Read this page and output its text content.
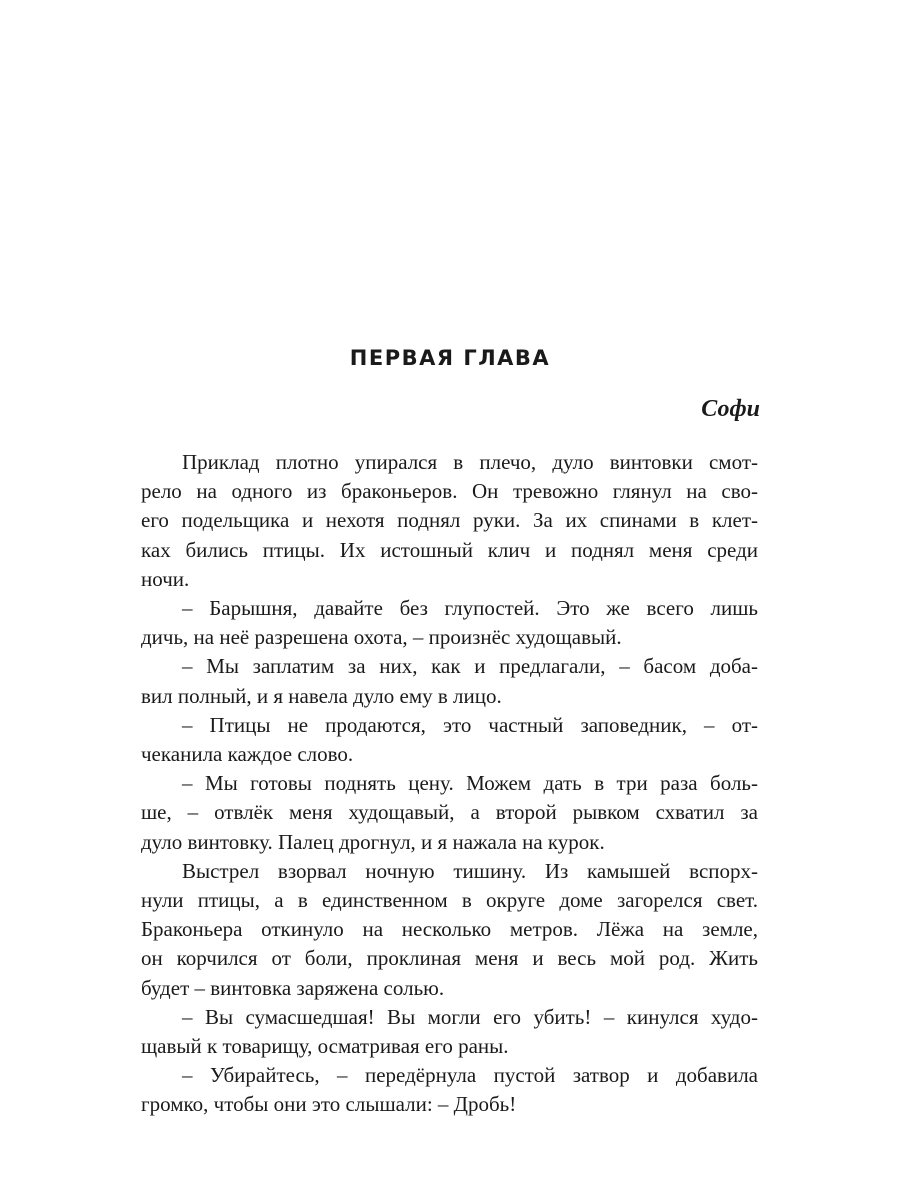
ПЕРВАЯ ГЛАВА
Софи

Приклад плотно упирался в плечо, дуло винтовки смот-
рело на одного из браконьеров. Он тревожно глянул на сво-
его подельщика и нехотя поднял руки. За их спинами в клет-
ках бились птицы. Их истошный клич и поднял меня среди
ночи.

– Барышня, давайте без глупостей. Это же всего лишь
дичь, на неё разрешена охота, – произнёс худощавый.

– Мы заплатим за них, как и предлагали, – басом доба-
вил полный, и я навела дуло ему в лицо.

– Птицы не продаются, это частный заповедник, – от-
чеканила каждое слово.

– Мы готовы поднять цену. Можем дать в три раза боль-
ше, – отвлёк меня худощавый, а второй рывком схватил за
дуло винтовку. Палец дрогнул, и я нажала на курок.

Выстрел взорвал ночную тишину. Из камышей вспорх-
нули птицы, а в единственном в округе доме загорелся свет.
Браконьера откинуло на несколько метров. Лёжа на земле,
он корчился от боли, проклиная меня и весь мой род. Жить
будет – винтовка заряжена солью.

– Вы сумасшедшая! Вы могли его убить! – кинулся худо-
щавый к товарищу, осматривая его раны.

– Убирайтесь, – передёрнула пустой затвор и добавила
громко, чтобы они это слышали: – Дробь!
